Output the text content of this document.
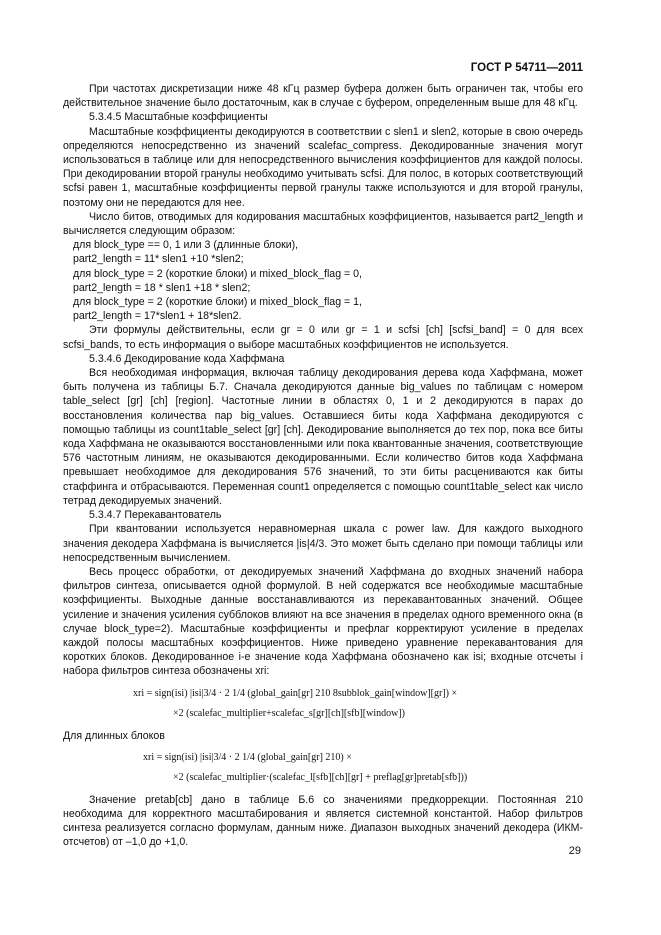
ГОСТ Р 54711—2011

При частотах дискретизации ниже 48 кГц размер буфера должен быть ограничен так, чтобы его действительное значение было достаточным, как в случае с буфером, определенным выше для 48 кГц.

5.3.4.5 Масштабные коэффициенты

Масштабные коэффициенты декодируются в соответствии с slen1 и slen2, которые в свою очередь определяются непосредственно из значений scalefac_compress. Декодированные значения могут использоваться в таблице или для непосредственного вычисления коэффициентов для каждой полосы. При декодировании второй гранулы необходимо учитывать scfsi. Для полос, в которых соответствующий scfsi равен 1, масштабные коэффициенты первой гранулы также используются и для второй гранулы, поэтому они не передаются для нее.

Число битов, отводимых для кодирования масштабных коэффициентов, называется part2_length и вычисляется следующим образом:

для block_type == 0, 1 или 3 (длинные блоки),

part2_length = 11* slen1 +10 *slen2;

для block_type = 2 (короткие блоки) и mixed_block_flag = 0,

part2_length = 18 * slen1 +18 * slen2;

для block_type = 2 (короткие блоки) и mixed_block_flag = 1,

part2_length = 17*slen1 + 18*slen2.

Эти формулы действительны, если gr = 0 или gr = 1 и scfsi [ch] [scfsi_band] = 0 для всех scfsi_bands, то есть информация о выборе масштабных коэффициентов не используется.

5.3.4.6 Декодирование кода Хаффмана

Вся необходимая информация, включая таблицу декодирования дерева кода Хаффмана, может быть получена из таблицы Б.7. Сначала декодируются данные big_values по таблицам с номером table_select [gr] [ch] [region]. Частотные линии в областях 0, 1 и 2 декодируются в парах до восстановления количества пар big_values. Оставшиеся биты кода Хаффмана декодируются с помощью таблицы из count1table_select [gr] [ch]. Декодирование выполняется до тех пор, пока все биты кода Хаффмана не оказываются восстановленными или пока квантованные значения, соответствующие 576 частотным линиям, не оказываются декодированными. Если количество битов кода Хаффмана превышает необходимое для декодирования 576 значений, то эти биты расцениваются как биты стаффинга и отбрасываются. Переменная count1 определяется с помощью count1table_select как число тетрад декодируемых значений.

5.3.4.7 Перекавантователь

При квантовании используется неравномерная шкала с power law. Для каждого выходного значения декодера Хаффмана is вычисляется |is|4/3. Это может быть сделано при помощи таблицы или непосредственным вычислением.

Весь процесс обработки, от декодируемых значений Хаффмана до входных значений набора фильтров синтеза, описывается одной формулой. В ней содержатся все необходимые масштабные коэффициенты. Выходные данные восстанавливаются из перекавантованных значений. Общее усиление и значения усиления субблоков влияют на все значения в пределах одного временного окна (в случае block_type=2). Масштабные коэффициенты и префлаг корректируют усиление в пределах каждой полосы масштабных коэффициентов. Ниже приведено уравнение перекавантования для коротких блоков. Декодированное i-е значение кода Хаффмана обозначено как isi; входные отсчеты i набора фильтров синтеза обозначены xri:

xri = sign(isi) |isi|3/4 · 2 1/4 (global_gain[gr] 210 8subblok_gain[window][gr]) ×
×2 (scalefac_multiplier+scalefac_s[gr][ch][sfb][window])

Для длинных блоков

xri = sign(isi) |isi|3/4 · 2 1/4 (global_gain[gr] 210) ×
×2 (scalefac_multiplier·(scalefac_l[sfb][ch][gr] + preflag[gr]pretab[sfb]))

Значение pretab[cb] дано в таблице Б.6 со значениями предкоррекции. Постоянная 210 необходима для корректного масштабирования и является системной константой. Набор фильтров синтеза реализуется согласно формулам, данным ниже. Диапазон выходных значений декодера (ИКМ-отсчетов) от –1,0 до +1,0.

29
